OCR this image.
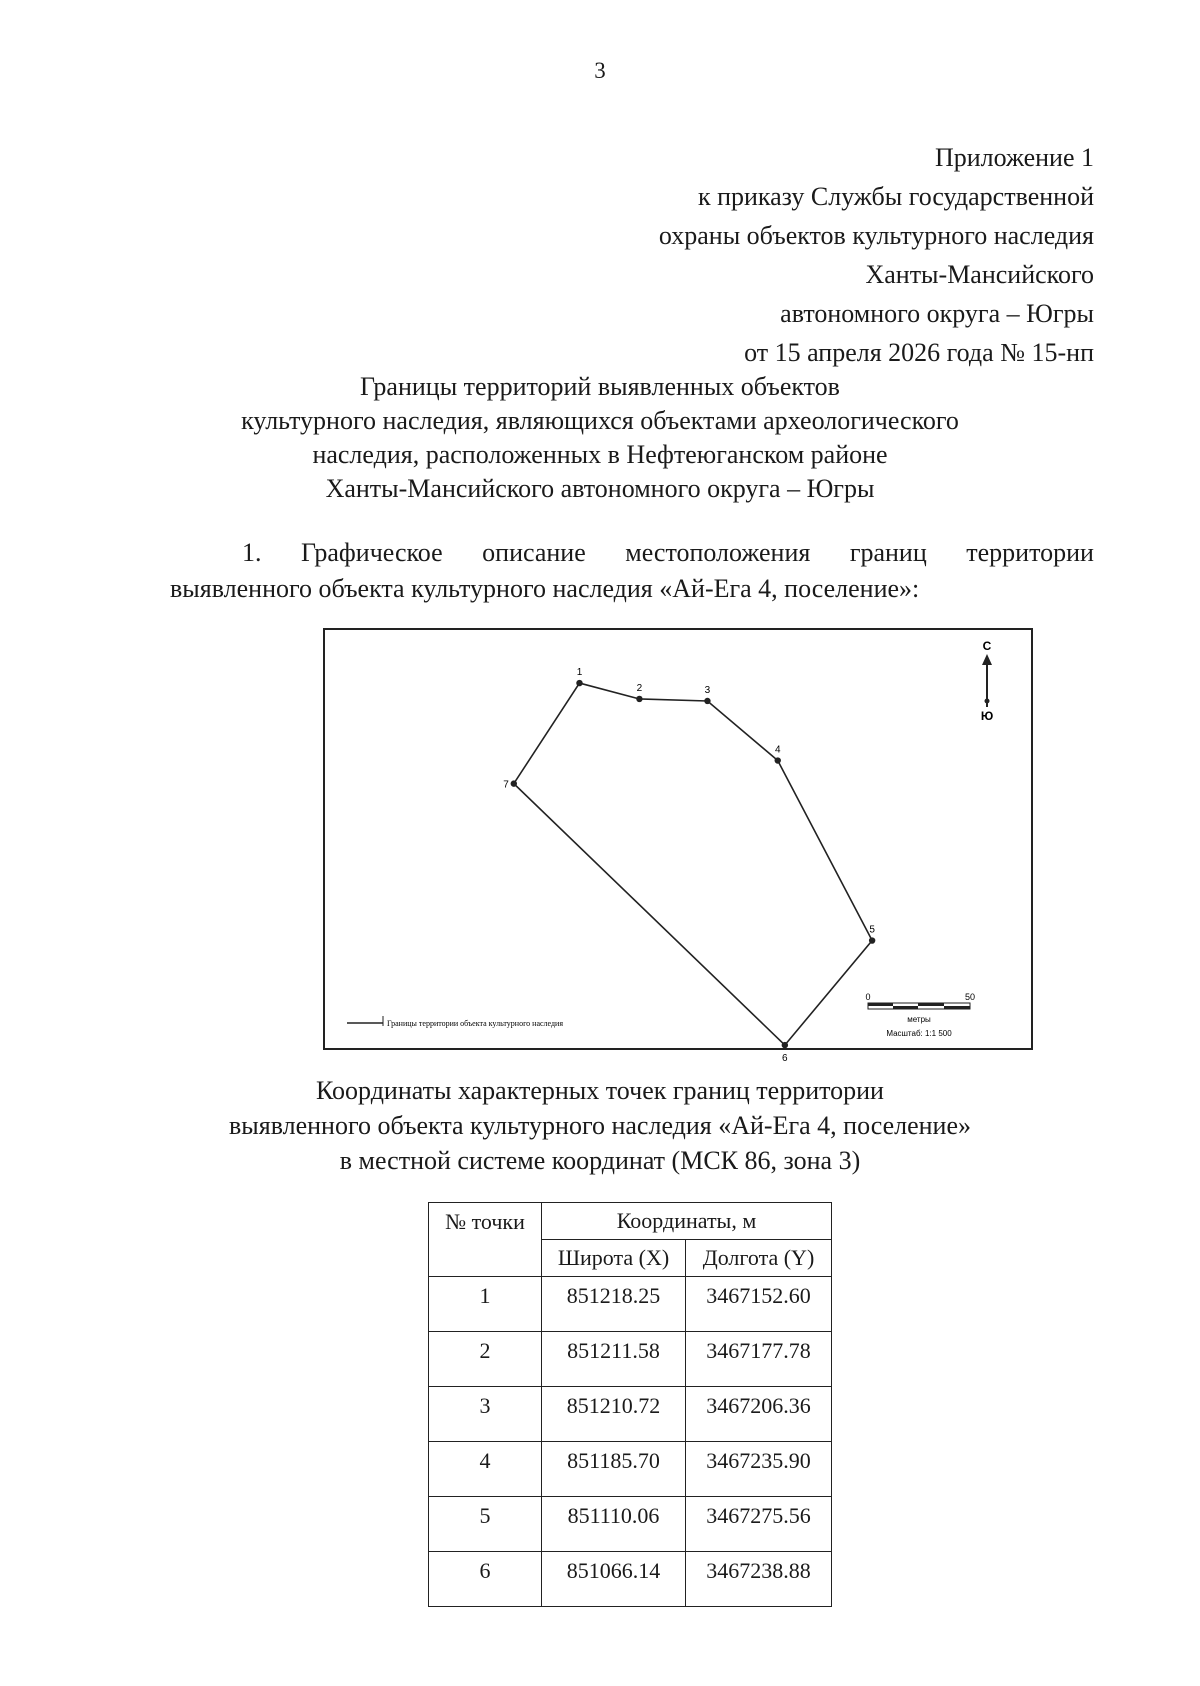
3
Приложение 1
к приказу Службы государственной
охраны объектов культурного наследия
Ханты-Мансийского
автономного округа – Югры
от 15 апреля 2026 года № 15-нп
Границы территорий выявленных объектов
культурного наследия, являющихся объектами археологического
наследия, расположенных в Нефтеюганском районе
Ханты-Мансийского автономного округа – Югры
1. Графическое описание местоположения границ территории
выявленного объекта культурного наследия «Ай-Ега 4, поселение»:
1
2	3
4
5
6
7
С
Ю
Границы территории объекта культурного наследия
0	50
метры
Масштаб: 1:1 500
Координаты характерных точек границ территории
выявленного объекта культурного наследия «Ай-Ега 4, поселение»
в местной системе координат (МСК 86, зона 3)
№ точки	Координаты, м	
	Широта (X)	Долгота (Y)
1	851218.25	3467152.60
2	851211.58	3467177.78
3	851210.72	3467206.36
4	851185.70	3467235.90
5	851110.06	3467275.56
6	851066.14	3467238.88
